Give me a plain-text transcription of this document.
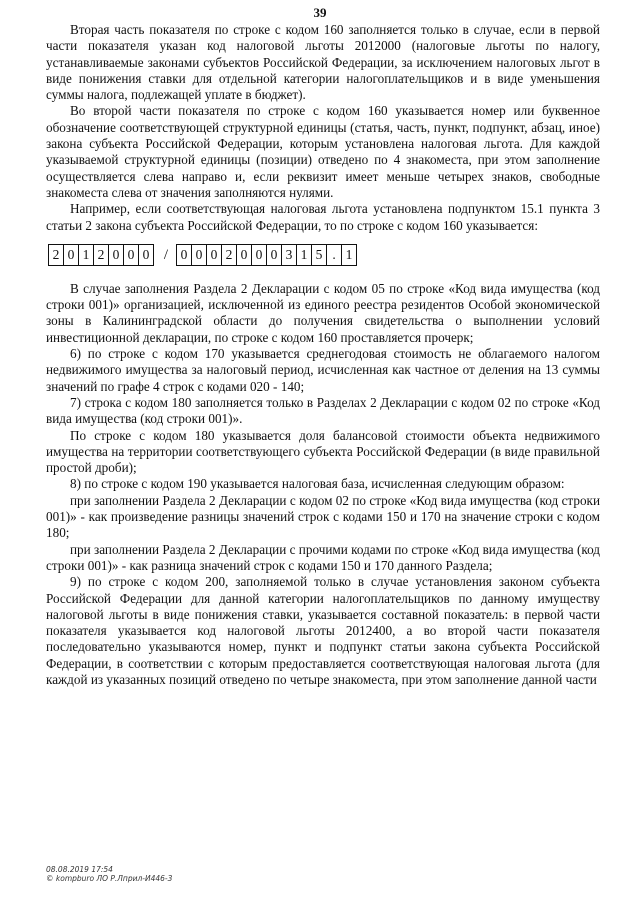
39

Вторая часть показателя по строке с кодом 160 заполняется только в случае, если в первой части показателя указан код налоговой льготы 2012000 (налоговые льготы по налогу, устанавливаемые законами субъектов Российской Федерации, за исключением налоговых льгот в виде понижения ставки для отдельной категории налогоплательщиков и в виде уменьшения суммы налога, подлежащей уплате в бюджет).

Во второй части показателя по строке с кодом 160 указывается номер или буквенное обозначение соответствующей структурной единицы (статья, часть, пункт, подпункт, абзац, иное) закона субъекта Российской Федерации, которым установлена налоговая льгота. Для каждой указываемой структурной единицы (позиции) отведено по 4 знакоместа, при этом заполнение осуществляется слева направо и, если реквизит имеет меньше четырех знаков, свободные знакоместа слева от значения заполняются нулями.

Например, если соответствующая налоговая льгота установлена подпунктом 15.1 пункта 3 статьи 2 закона субъекта Российской Федерации, то по строке с кодом 160 указывается:

2 0 1 2 0 0 0 / 0 0 0 2 0 0 0 3 1 5 . 1

В случае заполнения Раздела 2 Декларации с кодом 05 по строке «Код вида имущества (код строки 001)» организацией, исключенной из единого реестра резидентов Особой экономической зоны в Калининградской области до получения свидетельства о выполнении условий инвестиционной декларации, по строке с кодом 160 проставляется прочерк;

6) по строке с кодом 170 указывается среднегодовая стоимость не облагаемого налогом недвижимого имущества за налоговый период, исчисленная как частное от деления на 13 суммы значений по графе 4 строк с кодами 020 - 140;

7) строка с кодом 180 заполняется только в Разделах 2 Декларации с кодом 02 по строке «Код вида имущества (код строки 001)».

По строке с кодом 180 указывается доля балансовой стоимости объекта недвижимого имущества на территории соответствующего субъекта Российской Федерации (в виде правильной простой дроби);

8) по строке с кодом 190 указывается налоговая база, исчисленная следующим образом:

при заполнении Раздела 2 Декларации с кодом 02 по строке «Код вида имущества (код строки 001)» - как произведение разницы значений строк с кодами 150 и 170 на значение строки с кодом 180;

при заполнении Раздела 2 Декларации с прочими кодами по строке «Код вида имущества (код строки 001)» - как разница значений строк с кодами 150 и 170 данного Раздела;

9) по строке с кодом 200, заполняемой только в случае установления законом субъекта Российской Федерации для данной категории налогоплательщиков по данному имуществу налоговой льготы в виде понижения ставки, указывается составной показатель: в первой части показателя указывается код налоговой льготы 2012400, а во второй части показателя последовательно указываются номер, пункт и подпункт статьи закона субъекта Российской Федерации, в соответствии с которым предоставляется соответствующая налоговая льгота (для каждой из указанных позиций отведено по четыре знакоместа, при этом заполнение данной части

08.08.2019 17:54
© kompburo ЛО Р.Лприл-И446-3
